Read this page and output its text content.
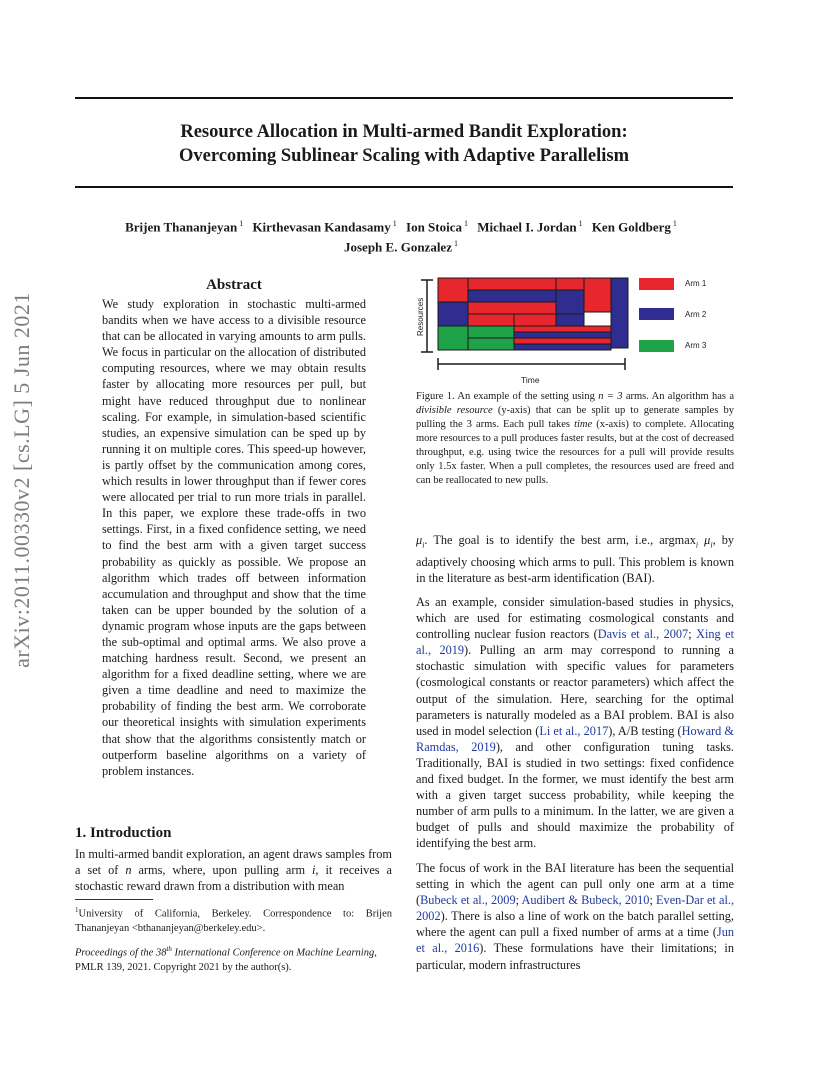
Resource Allocation in Multi-armed Bandit Exploration:
Overcoming Sublinear Scaling with Adaptive Parallelism
Brijen Thananjeyan $^1$ Kirthevasan Kandasamy $^1$ Ion Stoica $^1$ Michael I. Jordan $^1$ Ken Goldberg $^1$
Joseph E. Gonzalez $^1$
arXiv:2011.00330v2 [cs.LG] 5 Jun 2021
Abstract
We study exploration in stochastic multi-armed bandits when we have access to a divisible resource that can be allocated in varying amounts to arm pulls. We focus in particular on the allocation of distributed computing resources, where we may obtain results faster by allocating more resources per pull, but might have reduced throughput due to nonlinear scaling. For example, in simulation-based scientific studies, an expensive simulation can be sped up by running it on multiple cores. This speed-up however, is partly offset by the communication among cores, which results in lower throughput than if fewer cores were allocated per trial to run more trials in parallel. In this paper, we explore these trade-offs in two settings. First, in a fixed confidence setting, we need to find the best arm with a given target success probability as quickly as possible. We propose an algorithm which trades off between information accumulation and throughput and show that the time taken can be upper bounded by the solution of a dynamic program whose inputs are the gaps between the sub-optimal and optimal arms. We also prove a matching hardness result. Second, we present an algorithm for a fixed deadline setting, where we are given a time deadline and need to maximize the probability of finding the best arm. We corroborate our theoretical insights with simulation experiments that show that the algorithms consistently match or outperform baseline algorithms on a variety of problem instances.
1. Introduction
In multi-armed bandit exploration, an agent draws samples from a set of n arms, where, upon pulling arm i, it receives a stochastic reward drawn from a distribution with mean
$^1$University of California, Berkeley. Correspondence to: Brijen Thananjeyan <bthananjeyan@berkeley.edu>.
Proceedings of the 38th International Conference on Machine Learning, PMLR 139, 2021. Copyright 2021 by the author(s).
Resources
Time
Arm 1
Arm 2
Arm 3
Figure 1. An example of the setting using n = 3 arms. An algorithm has a divisible resource (y-axis) that can be split up to generate samples by pulling the 3 arms. Each pull takes time (x-axis) to complete. Allocating more resources to a pull produces faster results, but at the cost of decreased throughput, e.g. using twice the resources for a pull will provide results only 1.5x faster. When a pull completes, the resources used are freed and can be reallocated to new pulls.
$\mu_i$. The goal is to identify the best arm, i.e., argmax$_i$ $\mu_i$, by adaptively choosing which arms to pull. This problem is known in the literature as best-arm identification (BAI).
As an example, consider simulation-based studies in physics, which are used for estimating cosmological constants and controlling nuclear fusion reactors (Davis et al., 2007; Xing et al., 2019). Pulling an arm may correspond to running a stochastic simulation with specific values for parameters (cosmological constants or reactor parameters) which affect the output of the simulation. Here, searching for the optimal parameters is naturally modeled as a BAI problem. BAI is also used in model selection (Li et al., 2017), A/B testing (Howard & Ramdas, 2019), and other configuration tuning tasks. Traditionally, BAI is studied in two settings: fixed confidence and fixed budget. In the former, we must identify the best arm with a given target success probability, while keeping the number of arm pulls to a minimum. In the latter, we are given a budget of pulls and should maximize the probability of identifying the best arm.
The focus of work in the BAI literature has been the sequential setting in which the agent can pull only one arm at a time (Bubeck et al., 2009; Audibert & Bubeck, 2010; Even-Dar et al., 2002). There is also a line of work on the batch parallel setting, where the agent can pull a fixed number of arms at a time (Jun et al., 2016). These formulations have their limitations; in particular, modern infrastructures
